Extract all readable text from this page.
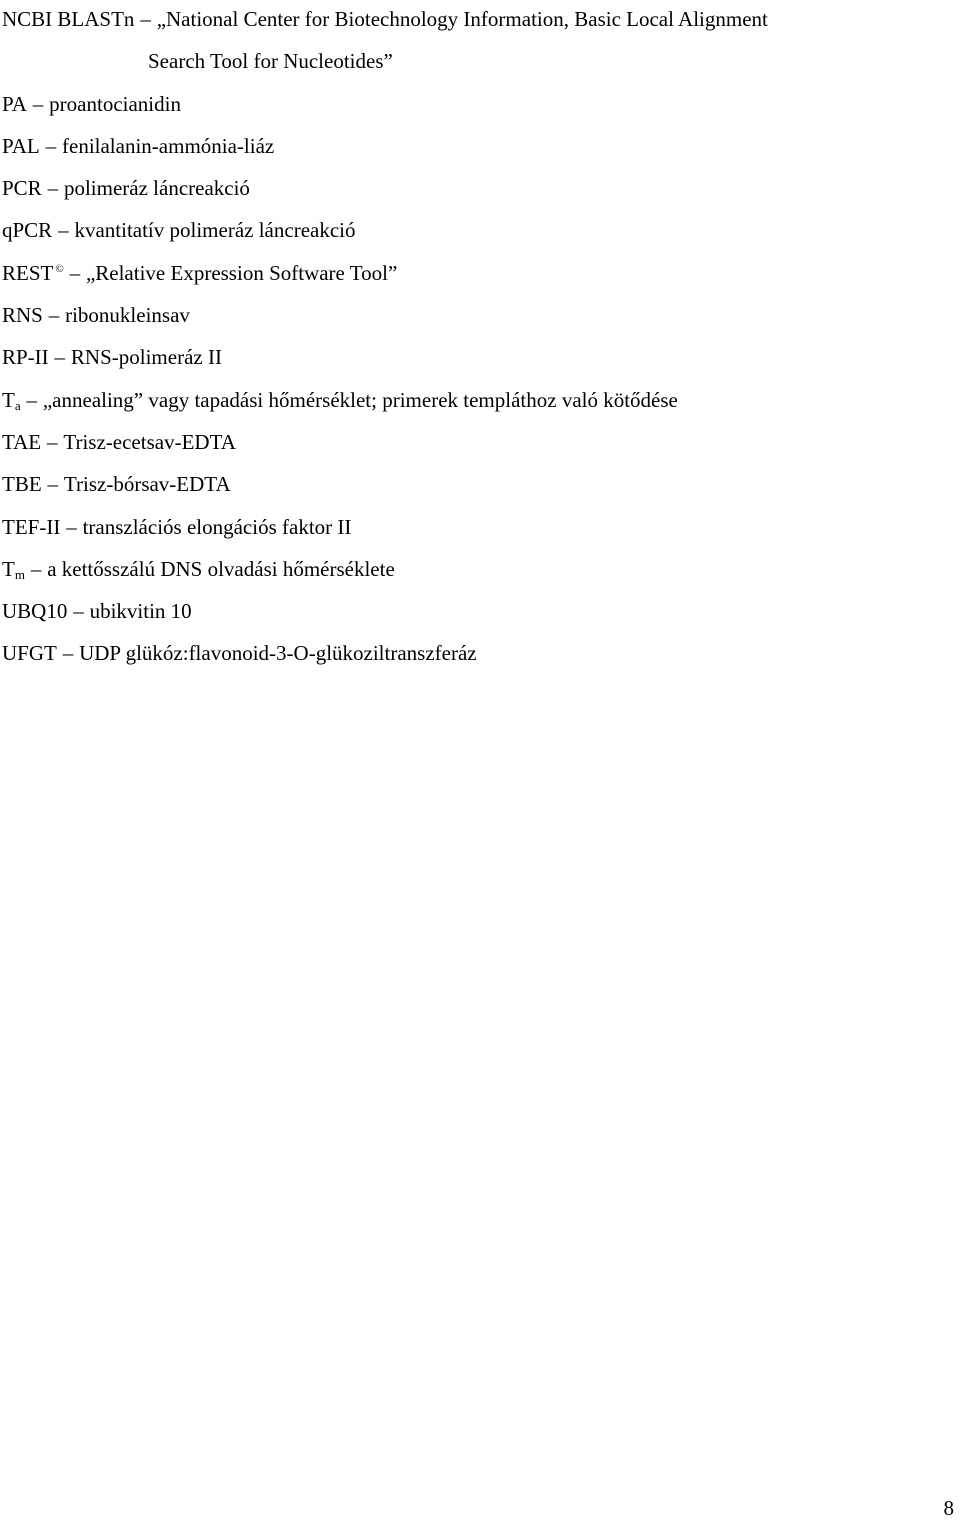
NCBI BLASTn – „National Center for Biotechnology Information, Basic Local Alignment
Search Tool for Nucleotides”
PA – proantocianidin
PAL – fenilalanin-ammónia-liáz
PCR – polimeráz láncreakció
qPCR – kvantitatív polimeráz láncreakció
REST © – „Relative Expression Software Tool”
RNS – ribonukleinsav
RP-II – RNS-polimeráz II
$T_a$ – „annealing” vagy tapadási hőmérséklet; primerek templáthoz való kötődése
TAE – Trisz-ecetsav-EDTA
TBE – Trisz-bórsav-EDTA
TEF-II – transzlációs elongációs faktor II
$T_m$ – a kettősszálú DNS olvadási hőmérséklete
UBQ10 – ubikvitin 10
UFGT – UDP glükóz:flavonoid-3-O-glükoziltranszferáz
8
